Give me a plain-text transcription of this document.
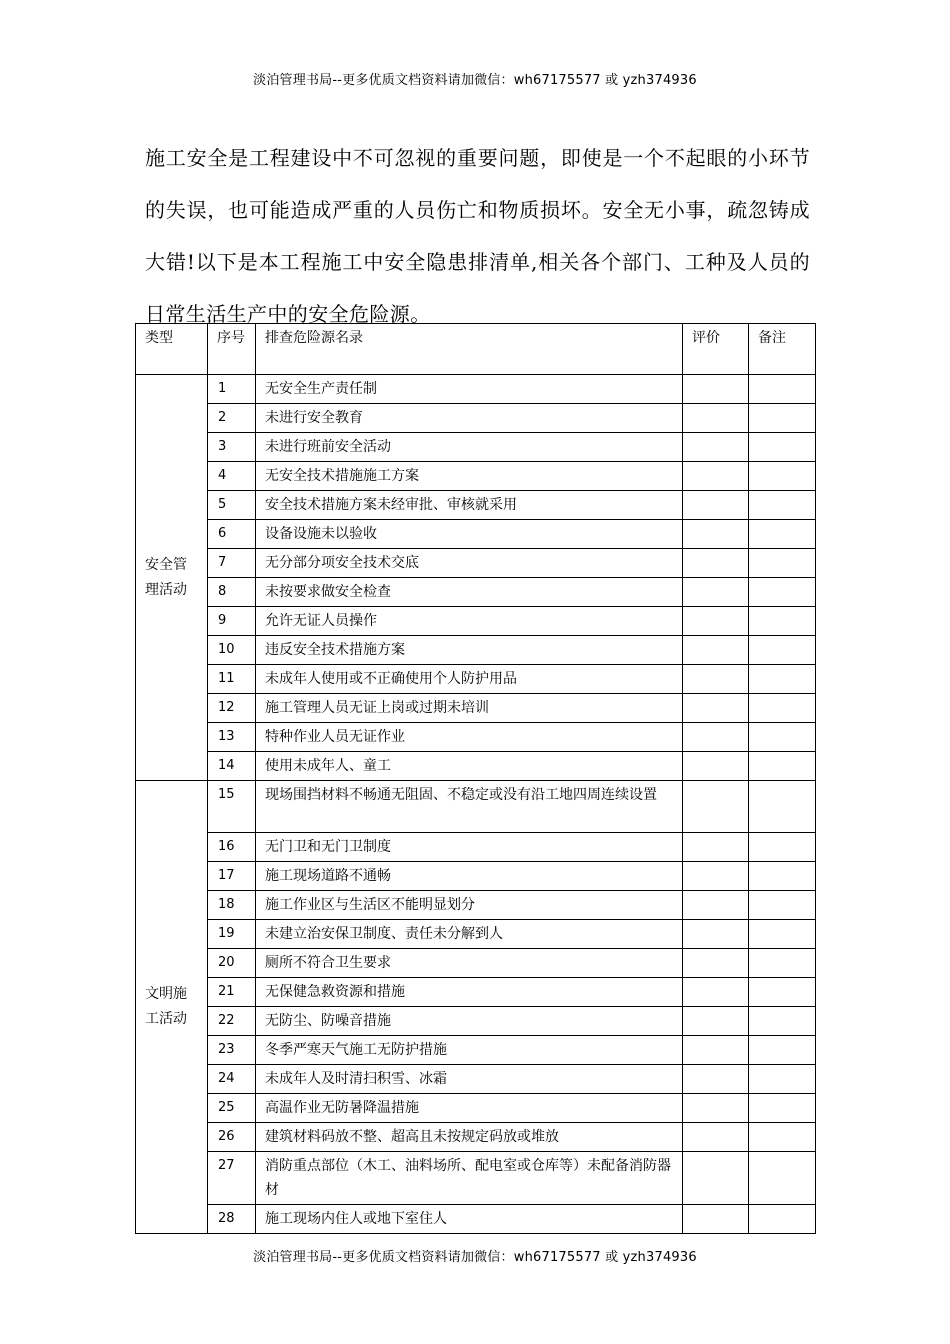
淡泊管理书局--更多优质文档资料请加微信：wh67175577 或 yzh374936

施工安全是工程建设中不可忽视的重要问题，即使是一个不起眼的小环节的失误，也可能造成严重的人员伤亡和物质损坏。安全无小事，疏忽铸成大错!以下是本工程施工中安全隐患排清单,相关各个部门、工种及人员的日常生活生产中的安全危险源。

类型	序号	排查危险源名录	评价	备注
安全管理活动	1	无安全生产责任制		
	2	未进行安全教育		
	3	未进行班前安全活动		
	4	无安全技术措施施工方案		
	5	安全技术措施方案未经审批、审核就采用		
	6	设备设施未以验收		
	7	无分部分项安全技术交底		
	8	未按要求做安全检查		
	9	允许无证人员操作		
	10	违反安全技术措施方案		
	11	未成年人使用或不正确使用个人防护用品		
	12	施工管理人员无证上岗或过期未培训		
	13	特种作业人员无证作业		
	14	使用未成年人、童工		
文明施工活动	15	现场围挡材料不畅通无阻固、不稳定或没有沿工地四周连续设置		
	16	无门卫和无门卫制度		
	17	施工现场道路不通畅		
	18	施工作业区与生活区不能明显划分		
	19	未建立治安保卫制度、责任未分解到人		
	20	厕所不符合卫生要求		
	21	无保健急救资源和措施		
	22	无防尘、防噪音措施		
	23	冬季严寒天气施工无防护措施		
	24	未成年人及时清扫积雪、冰霜		
	25	高温作业无防暑降温措施		
	26	建筑材料码放不整、超高且未按规定码放或堆放		
	27	消防重点部位（木工、油料场所、配电室或仓库等）未配备消防器材		
	28	施工现场内住人或地下室住人		
淡泊管理书局--更多优质文档资料请加微信：wh67175577 或 yzh374936
